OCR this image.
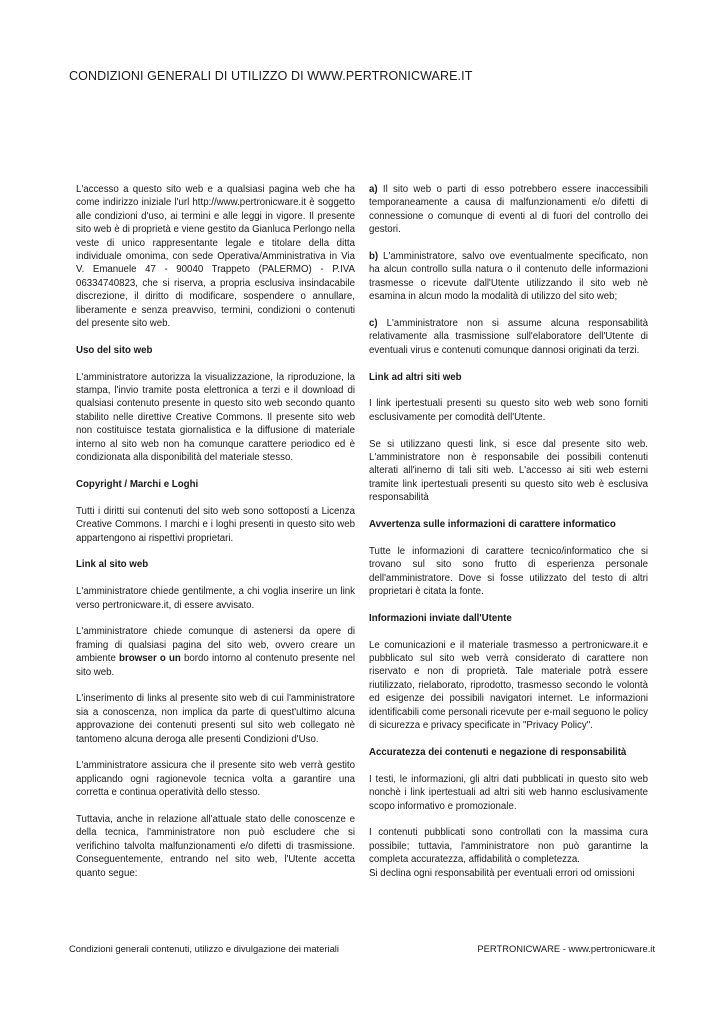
CONDIZIONI GENERALI DI UTILIZZO DI WWW.PERTRONICWARE.IT

L'accesso a questo sito web e a qualsiasi pagina web che ha come indirizzo iniziale l'url http://www.pertronicware.it è soggetto alle condizioni d'uso, ai termini e alle leggi in vigore. Il presente sito web è di proprietà e viene gestito da Gianluca Perlongo nella veste di unico rappresentante legale e titolare della ditta individuale omonima, con sede Operativa/Amministrativa in Via V. Emanuele 47 - 90040 Trappeto (PALERMO) - P.IVA 06334740823, che si riserva, a propria esclusiva insindacabile discrezione, il diritto di modificare, sospendere o annullare, liberamente e senza preavviso, termini, condizioni o contenuti del presente sito web.

Uso del sito web

L'amministratore autorizza la visualizzazione, la riproduzione, la stampa, l'invio tramite posta elettronica a terzi e il download di qualsiasi contenuto presente in questo sito web secondo quanto stabilito nelle direttive Creative Commons. Il presente sito web non costituisce testata giornalistica e la diffusione di materiale interno al sito web non ha comunque carattere periodico ed è condizionata alla disponibilità del materiale stesso.

Copyright / Marchi e Loghi

Tutti i diritti sui contenuti del sito web sono sottoposti a Licenza Creative Commons. I marchi e i loghi presenti in questo sito web appartengono ai rispettivi proprietari.

Link al sito web

L'amministratore chiede gentilmente, a chi voglia inserire un link verso pertronicware.it, di essere avvisato.

L'amministratore chiede comunque di astenersi da opere di framing di qualsiasi pagina del sito web, ovvero creare un ambiente browser o un bordo intorno al contenuto presente nel sito web.

L'inserimento di links al presente sito web di cui l'amministratore sia a conoscenza, non implica da parte di quest'ultimo alcuna approvazione dei contenuti presenti sul sito web collegato nè tantomeno alcuna deroga alle presenti Condizioni d'Uso.

L'amministratore assicura che il presente sito web verrà gestito applicando ogni ragionevole tecnica volta a garantire una corretta e continua operatività dello stesso.

Tuttavia, anche in relazione all'attuale stato delle conoscenze e della tecnica, l'amministratore non può escludere che si verifichino talvolta malfunzionamenti e/o difetti di trasmissione. Conseguentemente, entrando nel sito web, l'Utente accetta quanto segue:

a) Il sito web o parti di esso potrebbero essere inaccessibili temporaneamente a causa di malfunzionamenti e/o difetti di connessione o comunque di eventi al di fuori del controllo dei gestori.

b) L'amministratore, salvo ove eventualmente specificato, non ha alcun controllo sulla natura o il contenuto delle informazioni trasmesse o ricevute dall'Utente utilizzando il sito web nè esamina in alcun modo la modalità di utilizzo del sito web;

c) L'amministratore non si assume alcuna responsabilità relativamente alla trasmissione sull'elaboratore dell'Utente di eventuali virus e contenuti comunque dannosi originati da terzi.

Link ad altri siti web

I link ipertestuali presenti su questo sito web web sono forniti esclusivamente per comodità dell'Utente.

Se si utilizzano questi link, si esce dal presente sito web. L'amministratore non è responsabile dei possibili contenuti alterati all'inerno di tali siti web. L'accesso ai siti web esterni tramite link ipertestuali presenti su questo sito web è esclusiva responsabilità

Avvertenza sulle informazioni di carattere informatico

Tutte le informazioni di carattere tecnico/informatico che si trovano sul sito sono frutto di esperienza personale dell'amministratore. Dove si fosse utilizzato del testo di altri proprietari è citata la fonte.

Informazioni inviate dall'Utente

Le comunicazioni e il materiale trasmesso a pertronicware.it e pubblicato sul sito web verrà considerato di carattere non riservato e non di proprietà. Tale materiale potrà essere riutilizzato, rielaborato, riprodotto, trasmesso secondo le volontà ed esigenze dei possibili navigatori internet. Le informazioni identificabili come personali ricevute per e-mail seguono le policy di sicurezza e privacy specificate in "Privacy Policy".

Accuratezza dei contenuti e negazione di responsabilità

I testi, le informazioni, gli altri dati pubblicati in questo sito web nonchè i link ipertestuali ad altri siti web hanno esclusivamente scopo informativo e promozionale.

I contenuti pubblicati sono controllati con la massima cura possibile; tuttavia, l'amministratore non può garantirne la completa accuratezza, affidabilità o completezza.

Si declina ogni responsabilità per eventuali errori od omissioni

Condizioni generali contenuti, utilizzo e divulgazione dei materiali	PERTRONICWARE - www.pertronicware.it
